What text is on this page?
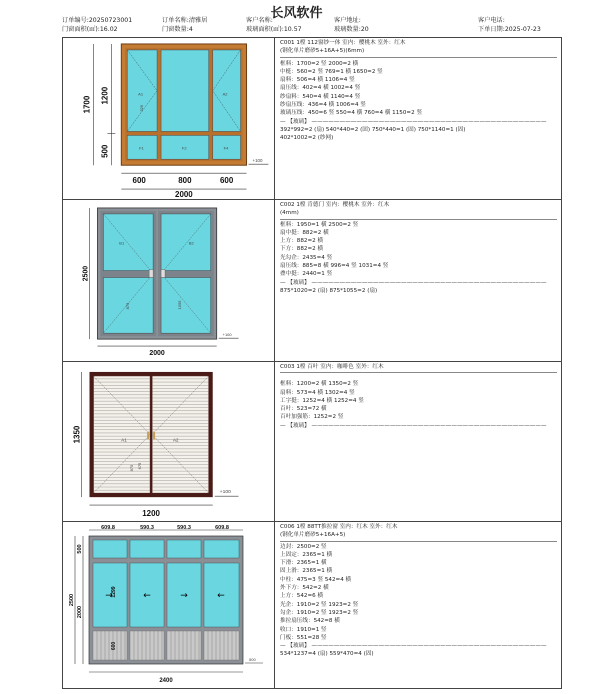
长风软件
订单编号:20250723001	订单名称:清雅居	客户名称:	客户地址:	客户电话:
门窗面积(㎡):16.02	门窗数量:4	玻璃面积(㎡):10.57	玻璃数量:20	下单日期:2025-07-23
A1	A2
F1	F2	F4
325
1200
500
1700
600	800	600
2000
+100
C001 1樘 112窗纱一体 室内：樱桃木 室外：红木
(钢化单片磨砂5+16A+5)(6mm)
框料：1700=2 竖 2000=2 横
中梃：560=2 竖 769=1 横 1650=2 竖
扇料：506=4 横 1106=4 竖
扇压线：402=4 横 1002=4 竖
纱扇料：540=4 横 1140=4 竖
纱扇压线：436=4 横 1006=4 竖
玻璃压线：450=6 竖 550=4 横 760=4 横 1150=2 竖
— 【玻璃】 ——————————————————————————————————————————
392*992=2 (扇) 540*440=2 (固) 750*440=1 (固) 750*1140=1 (固)
402*1002=2 (纱网)
B1	B2
875	1055
2500
2000
+100
C002 1樘 肯德门 室内：樱桃木 室外：红木
(4mm)
框料：1950=1 横 2500=2 竖
扇中挺：882=2 横
上方：882=2 横
下方：882=2 横
光勾企：2435=4 竖
扇压线：885=8 横 996=4 竖 1031=4 竖
叠中挺：2440=1 竖
— 【玻璃】 ——————————————————————————————————————————
875*1020=2 (扇) 875*1055=2 (扇)
A1	A2
875 675
1350
1200
+100
C003 1樘 百叶 室内：咖啡色 室外：红木
框料：1200=2 横 1350=2 竖
扇料：573=4 横 1302=4 竖
工字挺：1252=4 横 1252=4 竖
百叶：523=72 横
百叶加强筋：1252=2 竖
— 【玻璃】 ——————————————————————————————————————————
→	←	→	←
609.8	590.3	590.3	609.8
500
2000
2500
1299
600
2400
500
C006 1樘 88TT推拉窗 室内：红木 室外：红木
(钢化单片磨砂5+16A+5)
边封：2500=2 竖
上固定：2365=1 横
下滑：2365=1 横
固上滑：2365=1 横
中柱：475=3 竖 542=4 横
外下方：542=2 横
上方：542=6 横
光企：1910=2 竖 1923=2 竖
勾企：1910=2 竖 1923=2 竖
推拉扇压线：542=8 横
收口：1910=1 竖
门板：551=28 竖
— 【玻璃】 ——————————————————————————————————————————
534*1237=4 (扇) 559*470=4 (固)
